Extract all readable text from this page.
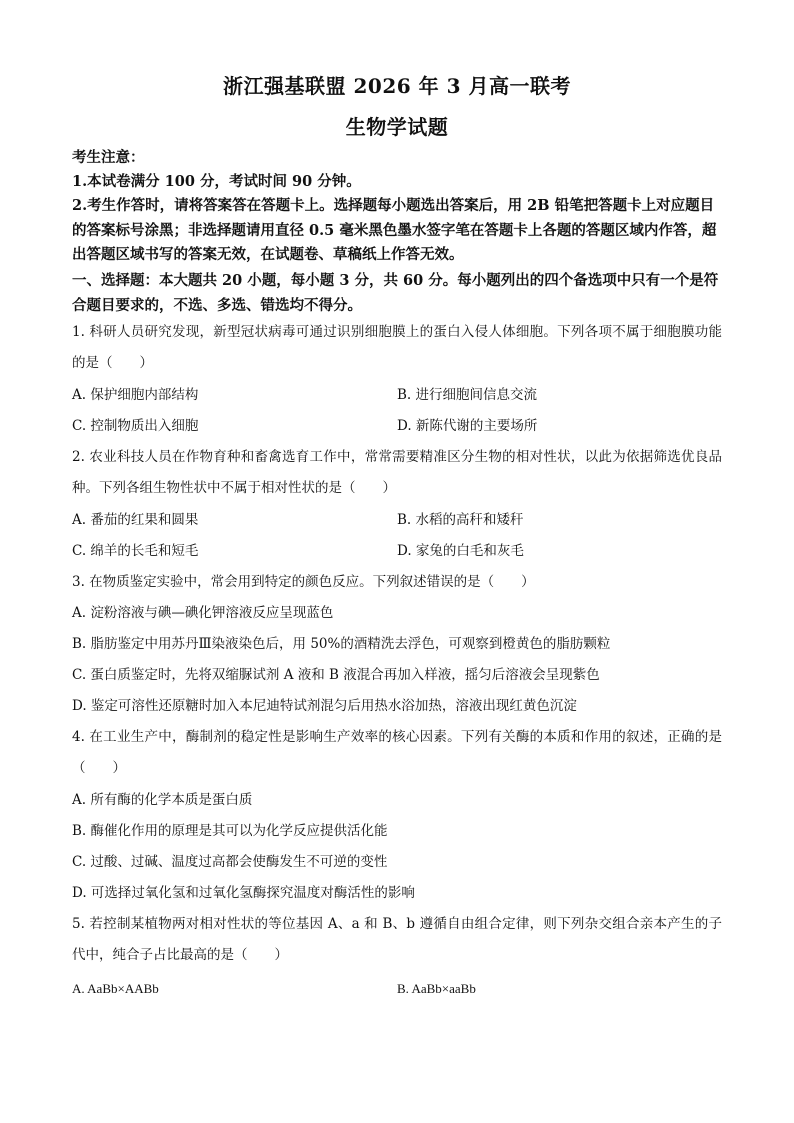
浙江强基联盟 2026 年 3 月高一联考
生物学试题

考生注意：

1.本试卷满分 100 分，考试时间 90 分钟。

2.考生作答时，请将答案答在答题卡上。选择题每小题选出答案后，用 2B 铅笔把答题卡上对应题目的答案标号涂黑；非选择题请用直径 0.5 毫米黑色墨水签字笔在答题卡上各题的答题区域内作答，超出答题区域书写的答案无效，在试题卷、草稿纸上作答无效。

一、选择题：本大题共 20 小题，每小题 3 分，共 60 分。每小题列出的四个备选项中只有一个是符合题目要求的，不选、多选、错选均不得分。

1. 科研人员研究发现，新型冠状病毒可通过识别细胞膜上的蛋白入侵人体细胞。下列各项不属于细胞膜功能的是（　　）

A. 保护细胞内部结构	B. 进行细胞间信息交流

C. 控制物质出入细胞	D. 新陈代谢的主要场所

2. 农业科技人员在作物育种和畜禽选育工作中，常常需要精准区分生物的相对性状，以此为依据筛选优良品种。下列各组生物性状中不属于相对性状的是（　　）

A. 番茄的红果和圆果	B. 水稻的高秆和矮秆

C. 绵羊的长毛和短毛	D. 家兔的白毛和灰毛

3. 在物质鉴定实验中，常会用到特定的颜色反应。下列叙述错误的是（　　）

A. 淀粉溶液与碘—碘化钾溶液反应呈现蓝色

B. 脂肪鉴定中用苏丹Ⅲ染液染色后，用 50%的酒精洗去浮色，可观察到橙黄色的脂肪颗粒

C. 蛋白质鉴定时，先将双缩脲试剂 A 液和 B 液混合再加入样液，摇匀后溶液会呈现紫色

D. 鉴定可溶性还原糖时加入本尼迪特试剂混匀后用热水浴加热，溶液出现红黄色沉淀

4. 在工业生产中，酶制剂的稳定性是影响生产效率的核心因素。下列有关酶的本质和作用的叙述，正确的是（　　）

A. 所有酶的化学本质是蛋白质

B. 酶催化作用的原理是其可以为化学反应提供活化能

C. 过酸、过碱、温度过高都会使酶发生不可逆的变性

D. 可选择过氧化氢和过氧化氢酶探究温度对酶活性的影响

5. 若控制某植物两对相对性状的等位基因 A、a 和 B、b 遵循自由组合定律，则下列杂交组合亲本产生的子代中，纯合子占比最高的是（　　）

A. AaBb×AABb	B. AaBb×aaBb
